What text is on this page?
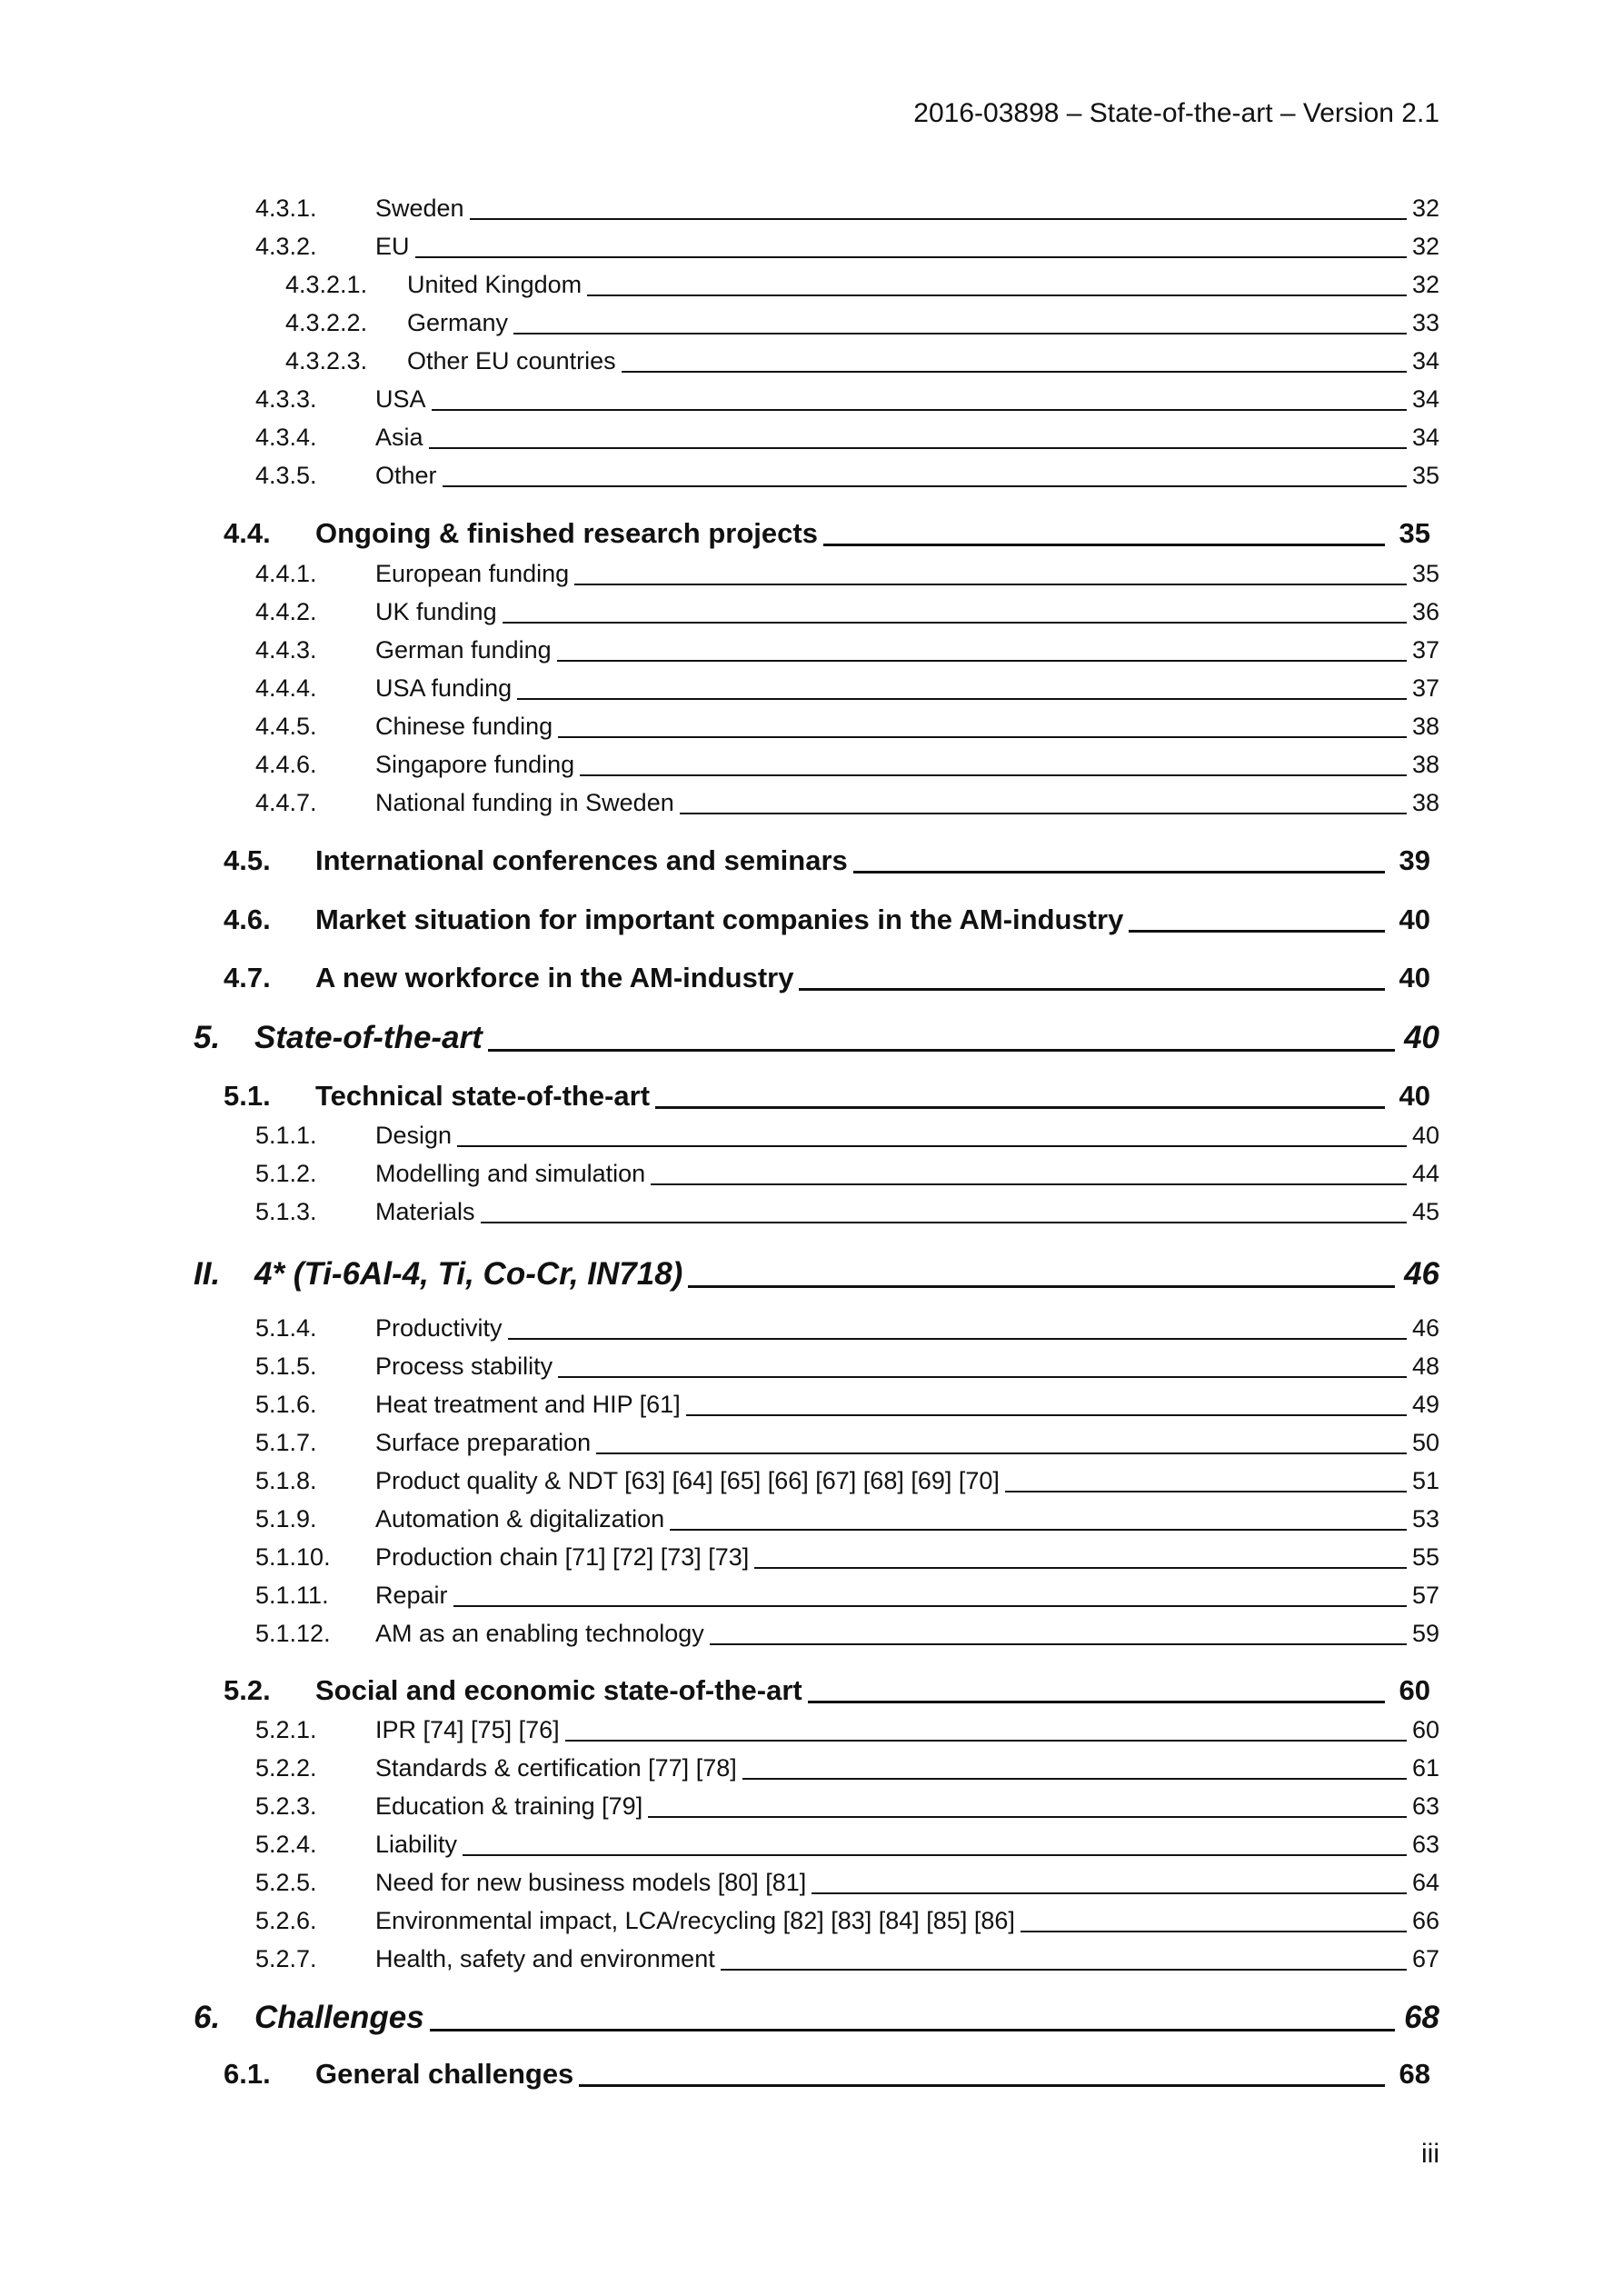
2016-03898 – State-of-the-art – Version 2.1
4.3.1.	Sweden	32
4.3.2.	EU	32
4.3.2.1.	United Kingdom	32
4.3.2.2.	Germany	33
4.3.2.3.	Other EU countries	34
4.3.3.	USA	34
4.3.4.	Asia	34
4.3.5.	Other	35
4.4.	Ongoing & finished research projects	35
4.4.1.	European funding	35
4.4.2.	UK funding	36
4.4.3.	German funding	37
4.4.4.	USA funding	37
4.4.5.	Chinese funding	38
4.4.6.	Singapore funding	38
4.4.7.	National funding in Sweden	38
4.5.	International conferences and seminars	39
4.6.	Market situation for important companies in the AM-industry	40
4.7.	A new workforce in the AM-industry	40
5.	State-of-the-art	40
5.1.	Technical state-of-the-art	40
5.1.1.	Design	40
5.1.2.	Modelling and simulation	44
5.1.3.	Materials	45
II.	4* (Ti-6Al-4, Ti, Co-Cr, IN718)	46
5.1.4.	Productivity	46
5.1.5.	Process stability	48
5.1.6.	Heat treatment and HIP [61]	49
5.1.7.	Surface preparation	50
5.1.8.	Product quality & NDT [63] [64] [65] [66] [67] [68] [69] [70]	51
5.1.9.	Automation & digitalization	53
5.1.10.	Production chain [71] [72] [73] [73]	55
5.1.11.	Repair	57
5.1.12.	AM as an enabling technology	59
5.2.	Social and economic state-of-the-art	60
5.2.1.	IPR [74] [75] [76]	60
5.2.2.	Standards & certification [77] [78]	61
5.2.3.	Education & training [79]	63
5.2.4.	Liability	63
5.2.5.	Need for new business models [80] [81]	64
5.2.6.	Environmental impact, LCA/recycling [82] [83] [84] [85] [86]	66
5.2.7.	Health, safety and environment	67
6.	Challenges	68
6.1.	General challenges	68
iii
